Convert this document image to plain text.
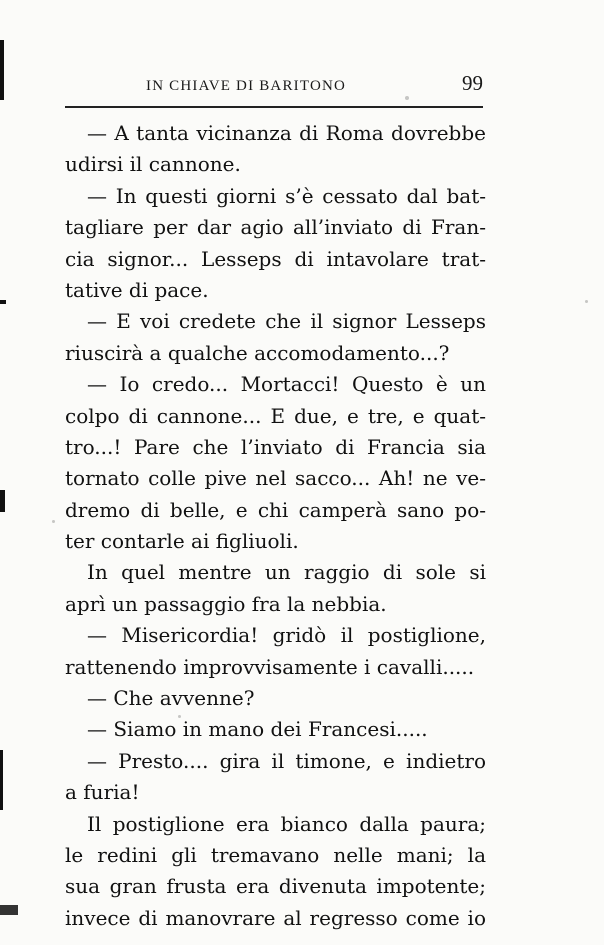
IN CHIAVE DI BARITONO	99
— A tanta vicinanza di Roma dovrebbe
udirsi il cannone.
— In questi giorni s’è cessato dal bat-
tagliare per dar agio all’inviato di Fran-
cia signor... Lesseps di intavolare trat-
tative di pace.
— E voi credete che il signor Lesseps
riuscirà a qualche accomodamento...?
— Io credo... Mortacci! Questo è un
colpo di cannone... E due, e tre, e quat-
tro...! Pare che l’inviato di Francia sia
tornato colle pive nel sacco... Ah! ne ve-
dremo di belle, e chi camperà sano po-
ter contarle ai figliuoli.
In quel mentre un raggio di sole si
aprì un passaggio fra la nebbia.
— Misericordia! gridò il postiglione,
rattenendo improvvisamente i cavalli.....
— Che avvenne?
— Siamo in mano dei Francesi.....
— Presto.... gira il timone, e indietro
a furia!
Il postiglione era bianco dalla paura;
le redini gli tremavano nelle mani; la
sua gran frusta era divenuta impotente;
invece di manovrare al regresso come io
